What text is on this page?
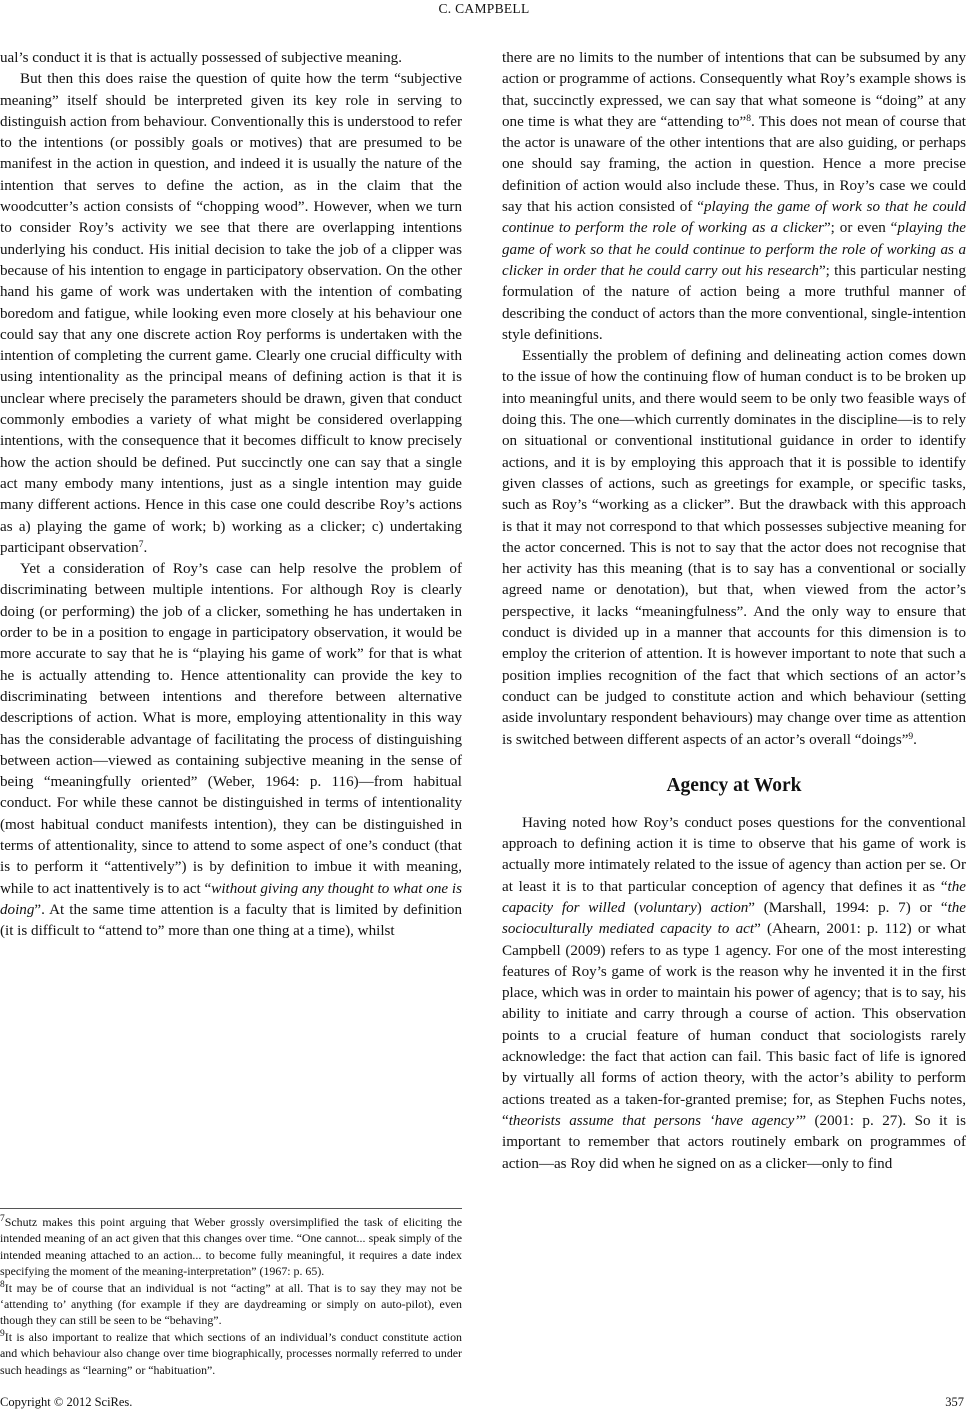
C. CAMPBELL

ual’s conduct it is that is actually possessed of subjective meaning.

But then this does raise the question of quite how the term “subjective meaning” itself should be interpreted given its key role in serving to distinguish action from behaviour. Conventionally this is understood to refer to the intentions (or possibly goals or motives) that are presumed to be manifest in the action in question, and indeed it is usually the nature of the intention that serves to define the action, as in the claim that the woodcutter’s action consists of “chopping wood”. However, when we turn to consider Roy’s activity we see that there are overlapping intentions underlying his conduct. His initial decision to take the job of a clipper was because of his intention to engage in participatory observation. On the other hand his game of work was undertaken with the intention of combating boredom and fatigue, while looking even more closely at his behaviour one could say that any one discrete action Roy performs is undertaken with the intention of completing the current game. Clearly one crucial difficulty with using intentionality as the principal means of defining action is that it is unclear where precisely the parameters should be drawn, given that conduct commonly embodies a variety of what might be considered overlapping intentions, with the consequence that it becomes difficult to know precisely how the action should be defined. Put succinctly one can say that a single act many embody many intentions, just as a single intention may guide many different actions. Hence in this case one could describe Roy’s actions as a) playing the game of work; b) working as a clicker; c) undertaking participant observation$^7$.

Yet a consideration of Roy’s case can help resolve the problem of discriminating between multiple intentions. For although Roy is clearly doing (or performing) the job of a clicker, something he has undertaken in order to be in a position to engage in participatory observation, it would be more accurate to say that he is “playing his game of work” for that is what he is actually attending to. Hence attentionality can provide the key to discriminating between intentions and therefore between alternative descriptions of action. What is more, employing attentionality in this way has the considerable advantage of facilitating the process of distinguishing between action—viewed as containing subjective meaning in the sense of being “meaningfully oriented” (Weber, 1964: p. 116)—from habitual conduct. For while these cannot be distinguished in terms of intentionality (most habitual conduct manifests intention), they can be distinguished in terms of attentionality, since to attend to some aspect of one’s conduct (that is to perform it “attentively”) is by definition to imbue it with meaning, while to act inattentively is to act “without giving any thought to what one is doing”. At the same time attention is a faculty that is limited by definition (it is difficult to “attend to” more than one thing at a time), whilst

there are no limits to the number of intentions that can be subsumed by any action or programme of actions. Consequently what Roy’s example shows is that, succinctly expressed, we can say that what someone is “doing” at any one time is what they are “attending to”$^8$. This does not mean of course that the actor is unaware of the other intentions that are also guiding, or perhaps one should say framing, the action in question. Hence a more precise definition of action would also include these. Thus, in Roy’s case we could say that his action consisted of “playing the game of work so that he could continue to perform the role of working as a clicker”; or even “playing the game of work so that he could continue to perform the role of working as a clicker in order that he could carry out his research”; this particular nesting formulation of the nature of action being a more truthful manner of describing the conduct of actors than the more conventional, single-intention style definitions.

Essentially the problem of defining and delineating action comes down to the issue of how the continuing flow of human conduct is to be broken up into meaningful units, and there would seem to be only two feasible ways of doing this. The one—which currently dominates in the discipline—is to rely on situational or conventional institutional guidance in order to identify actions, and it is by employing this approach that it is possible to identify given classes of actions, such as greetings for example, or specific tasks, such as Roy’s “working as a clicker”. But the drawback with this approach is that it may not correspond to that which possesses subjective meaning for the actor concerned. This is not to say that the actor does not recognise that her activity has this meaning (that is to say has a conventional or socially agreed name or denotation), but that, when viewed from the actor’s perspective, it lacks “meaningfulness”. And the only way to ensure that conduct is divided up in a manner that accounts for this dimension is to employ the criterion of attention. It is however important to note that such a position implies recognition of the fact that which sections of an actor’s conduct can be judged to constitute action and which behaviour (setting aside involuntary respondent behaviours) may change over time as attention is switched between different aspects of an actor’s overall “doings”$^9$.

Agency at Work

Having noted how Roy’s conduct poses questions for the conventional approach to defining action it is time to observe that his game of work is actually more intimately related to the issue of agency than action per se. Or at least it is to that particular conception of agency that defines it as “the capacity for willed (voluntary) action” (Marshall, 1994: p. 7) or “the socioculturally mediated capacity to act” (Ahearn, 2001: p. 112) or what Campbell (2009) refers to as type 1 agency. For one of the most interesting features of Roy’s game of work is the reason why he invented it in the first place, which was in order to maintain his power of agency; that is to say, his ability to initiate and carry through a course of action. This observation points to a crucial feature of human conduct that sociologists rarely acknowledge: the fact that action can fail. This basic fact of life is ignored by virtually all forms of action theory, with the actor’s ability to perform actions treated as a taken-for-granted premise; for, as Stephen Fuchs notes, “theorists assume that persons ‘have agency’” (2001: p. 27). So it is important to remember that actors routinely embark on programmes of action—as Roy did when he signed on as a clicker—only to find

$^7$Schutz makes this point arguing that Weber grossly oversimplified the task of eliciting the intended meaning of an act given that this changes over time. “One cannot... speak simply of the intended meaning attached to an action... to become fully meaningful, it requires a date index specifying the moment of the meaning-interpretation” (1967: p. 65).

$^8$It may be of course that an individual is not “acting” at all. That is to say they may not be ‘attending to’ anything (for example if they are daydreaming or simply on auto-pilot), even though they can still be seen to be “behaving”.

$^9$It is also important to realize that which sections of an individual’s conduct constitute action and which behaviour also change over time biographically, processes normally referred to under such headings as “learning” or “habituation”.

Copyright © 2012 SciRes.	357
